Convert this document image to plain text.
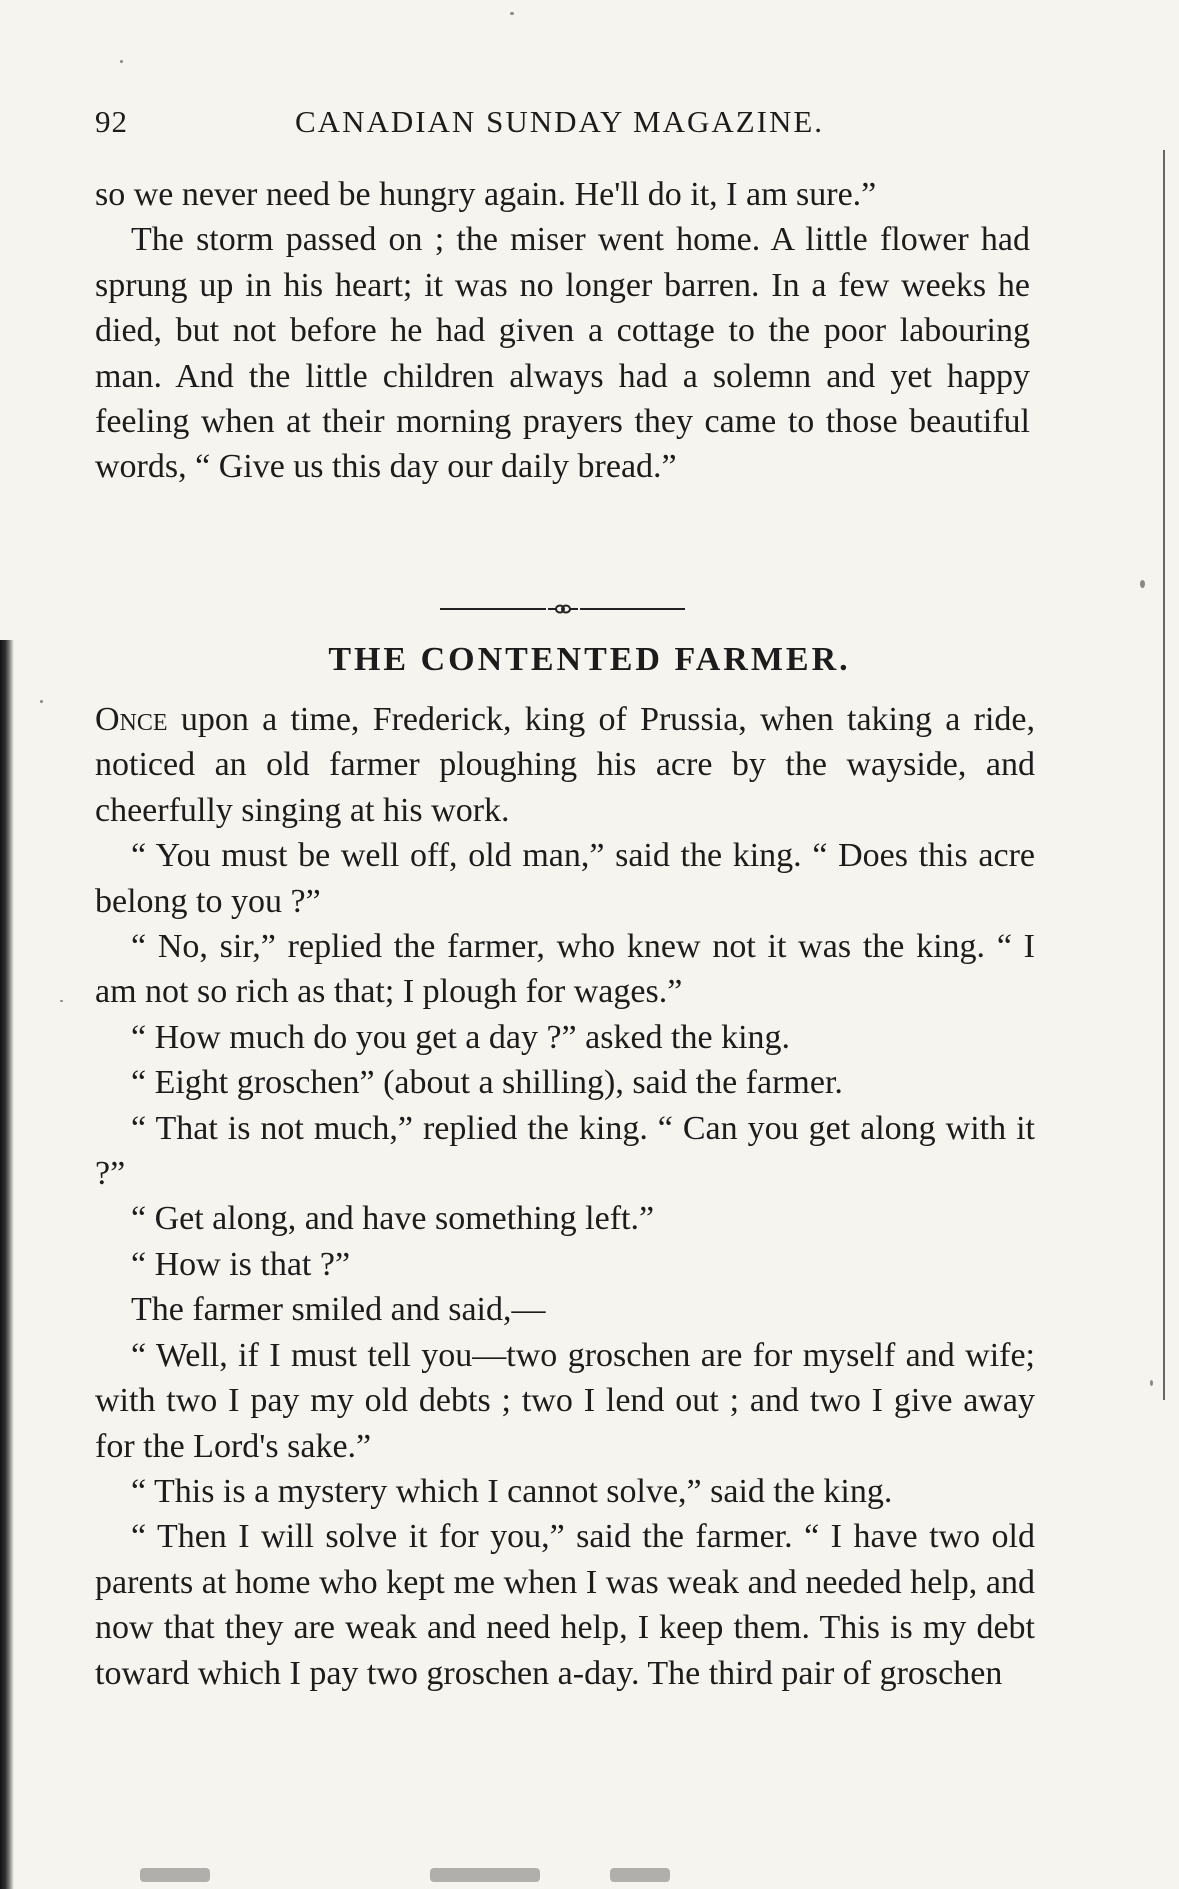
92	CANADIAN SUNDAY MAGAZINE.

so we never need be hungry again. He'll do it, I am sure.”

The storm passed on ; the miser went home. A little flower had sprung up in his heart; it was no longer barren. In a few weeks he died, but not before he had given a cottage to the poor labouring man. And the little children always had a solemn and yet happy feeling when at their morning prayers they came to those beautiful words, “ Give us this day our daily bread.”

THE CONTENTED FARMER.

Once upon a time, Frederick, king of Prussia, when taking a ride, noticed an old farmer ploughing his acre by the wayside, and cheerfully singing at his work.

“ You must be well off, old man,” said the king. “ Does this acre belong to you ?”

“ No, sir,” replied the farmer, who knew not it was the king. “ I am not so rich as that; I plough for wages.”

“ How much do you get a day ?” asked the king.

“ Eight groschen” (about a shilling), said the farmer.

“ That is not much,” replied the king. “ Can you get along with it ?”

“ Get along, and have something left.”

“ How is that ?”

The farmer smiled and said,—

“ Well, if I must tell you—two groschen are for myself and wife; with two I pay my old debts ; two I lend out ; and two I give away for the Lord's sake.”

“ This is a mystery which I cannot solve,” said the king.

“ Then I will solve it for you,” said the farmer. “ I have two old parents at home who kept me when I was weak and needed help, and now that they are weak and need help, I keep them. This is my debt toward which I pay two groschen a-day. The third pair of groschen
